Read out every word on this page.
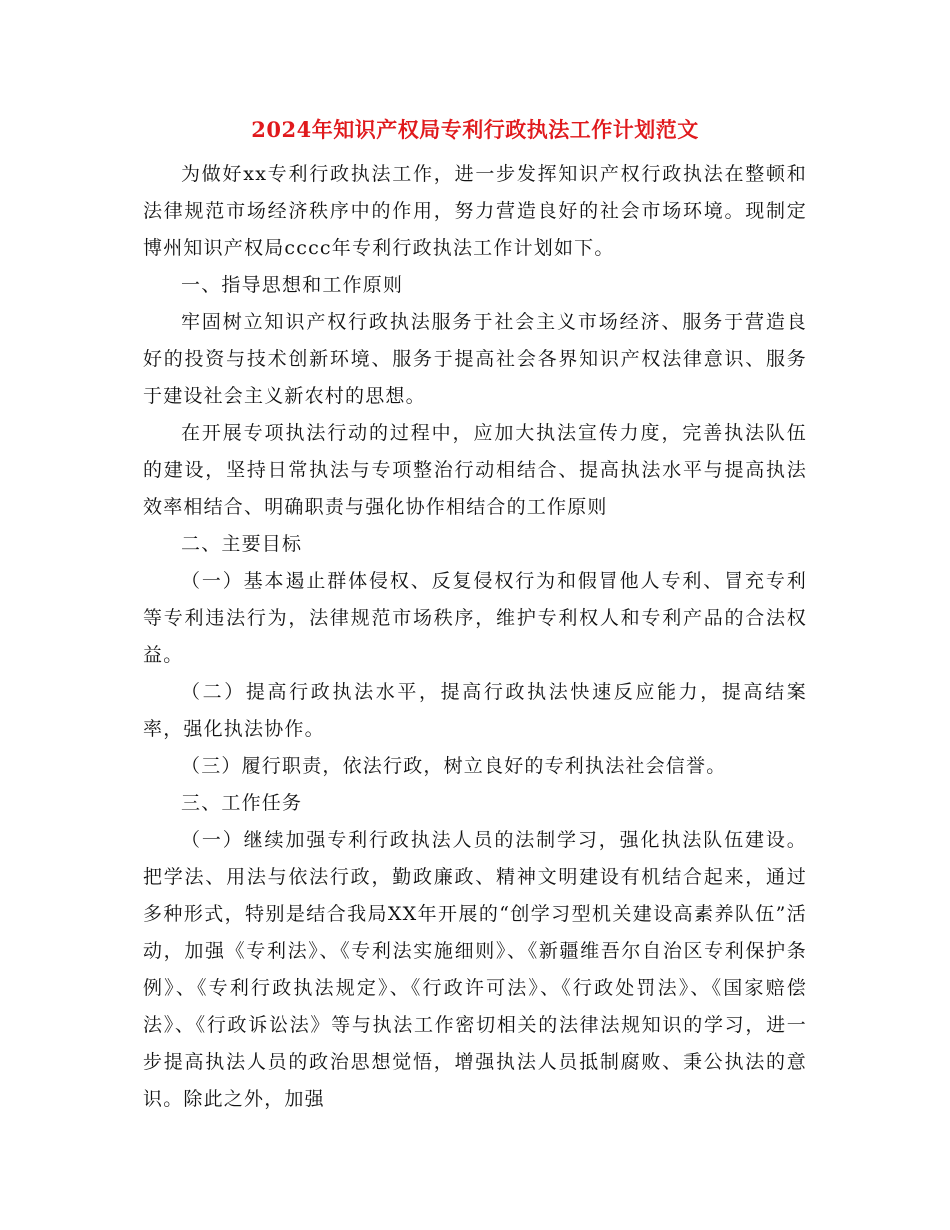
2024年知识产权局专利行政执法工作计划范文

为做好xx专利行政执法工作，进一步发挥知识产权行政执法在整顿和法律规范市场经济秩序中的作用，努力营造良好的社会市场环境。现制定博州知识产权局cccc年专利行政执法工作计划如下。

一、指导思想和工作原则

牢固树立知识产权行政执法服务于社会主义市场经济、服务于营造良好的投资与技术创新环境、服务于提高社会各界知识产权法律意识、服务于建设社会主义新农村的思想。

在开展专项执法行动的过程中，应加大执法宣传力度，完善执法队伍的建设，坚持日常执法与专项整治行动相结合、提高执法水平与提高执法效率相结合、明确职责与强化协作相结合的工作原则

二、主要目标

（一）基本遏止群体侵权、反复侵权行为和假冒他人专利、冒充专利等专利违法行为，法律规范市场秩序，维护专利权人和专利产品的合法权益。

（二）提高行政执法水平，提高行政执法快速反应能力，提高结案率，强化执法协作。

（三）履行职责，依法行政，树立良好的专利执法社会信誉。

三、工作任务

（一）继续加强专利行政执法人员的法制学习，强化执法队伍建设。把学法、用法与依法行政，勤政廉政、精神文明建设有机结合起来，通过多种形式，特别是结合我局XX年开展的“创学习型机关建设高素养队伍”活动，加强《专利法》、《专利法实施细则》、《新疆维吾尔自治区专利保护条例》、《专利行政执法规定》、《行政许可法》、《行政处罚法》、《国家赔偿法》、《行政诉讼法》等与执法工作密切相关的法律法规知识的学习，进一步提高执法人员的政治思想觉悟，增强执法人员抵制腐败、秉公执法的意识。除此之外，加强
